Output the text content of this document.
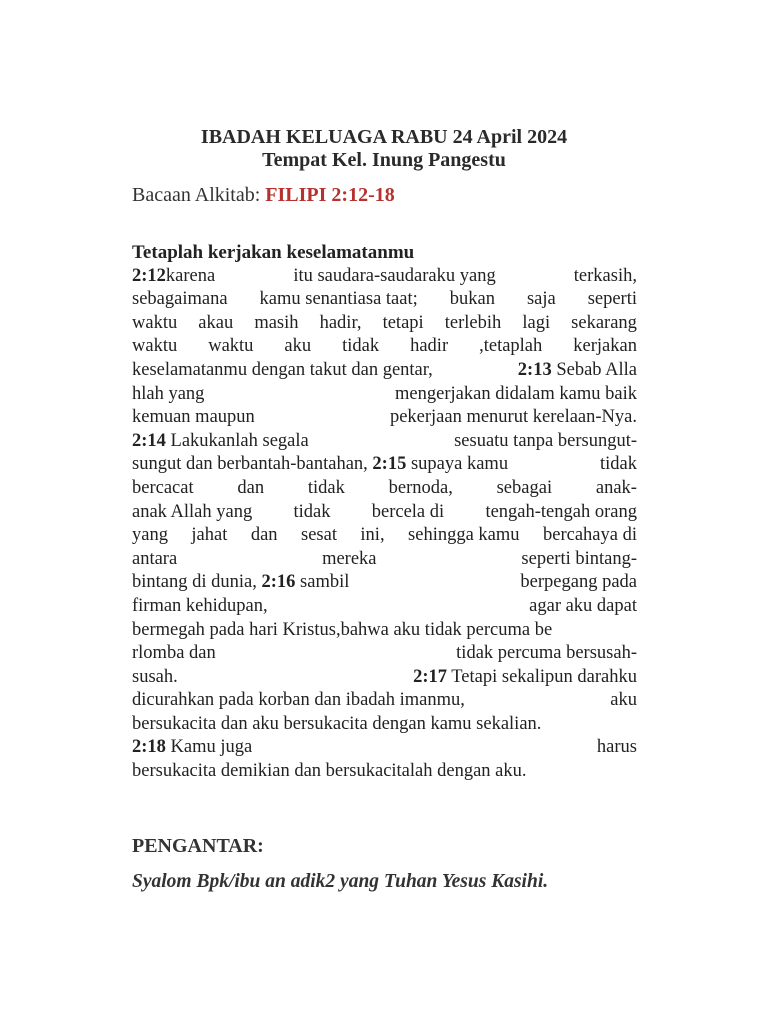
IBADAH KELUAGA RABU 24 April 2024
Tempat Kel. Inung Pangestu
Bacaan Alkitab: FILIPI 2:12-18
Tetaplah kerjakan keselamatanmu
2:12karena	itu saudara-saudaraku yang	terkasih,
sebagaimana kamu senantiasa taat; bukan saja seperti
waktu akau masih hadir, tetapi terlebih lagi sekarang
waktu waktu aku tidak hadir ,tetaplah kerjakan
keselamatanmu dengan takut dan gentar,	2:13 Sebab Alla
hlah yang	mengerjakan didalam kamu baik
kemuan maupun	pekerjaan menurut kerelaan-Nya.
2:14 Lakukanlah segala	sesuatu tanpa bersungut-
sungut dan berbantah-bantahan, 2:15 supaya kamu	tidak
bercacat dan tidak bernoda, sebagai anak-
anak Allah yang tidak bercela di tengah-tengah orang
yang jahat dan sesat ini, sehingga kamu bercahaya di
antara	mereka	seperti bintang-
bintang di dunia, 2:16 sambil	berpegang pada
firman kehidupan,	agar aku dapat
bermegah pada hari Kristus,bahwa aku tidak percuma be
rlomba dan	tidak percuma bersusah-
susah.	2:17 Tetapi sekalipun darahku
dicurahkan pada korban dan ibadah imanmu,	aku
bersukacita dan aku bersukacita dengan kamu sekalian.
2:18 Kamu juga	harus
bersukacita demikian dan bersukacitalah dengan aku.
PENGANTAR:
Syalom Bpk/ibu an adik2 yang Tuhan Yesus Kasihi.
